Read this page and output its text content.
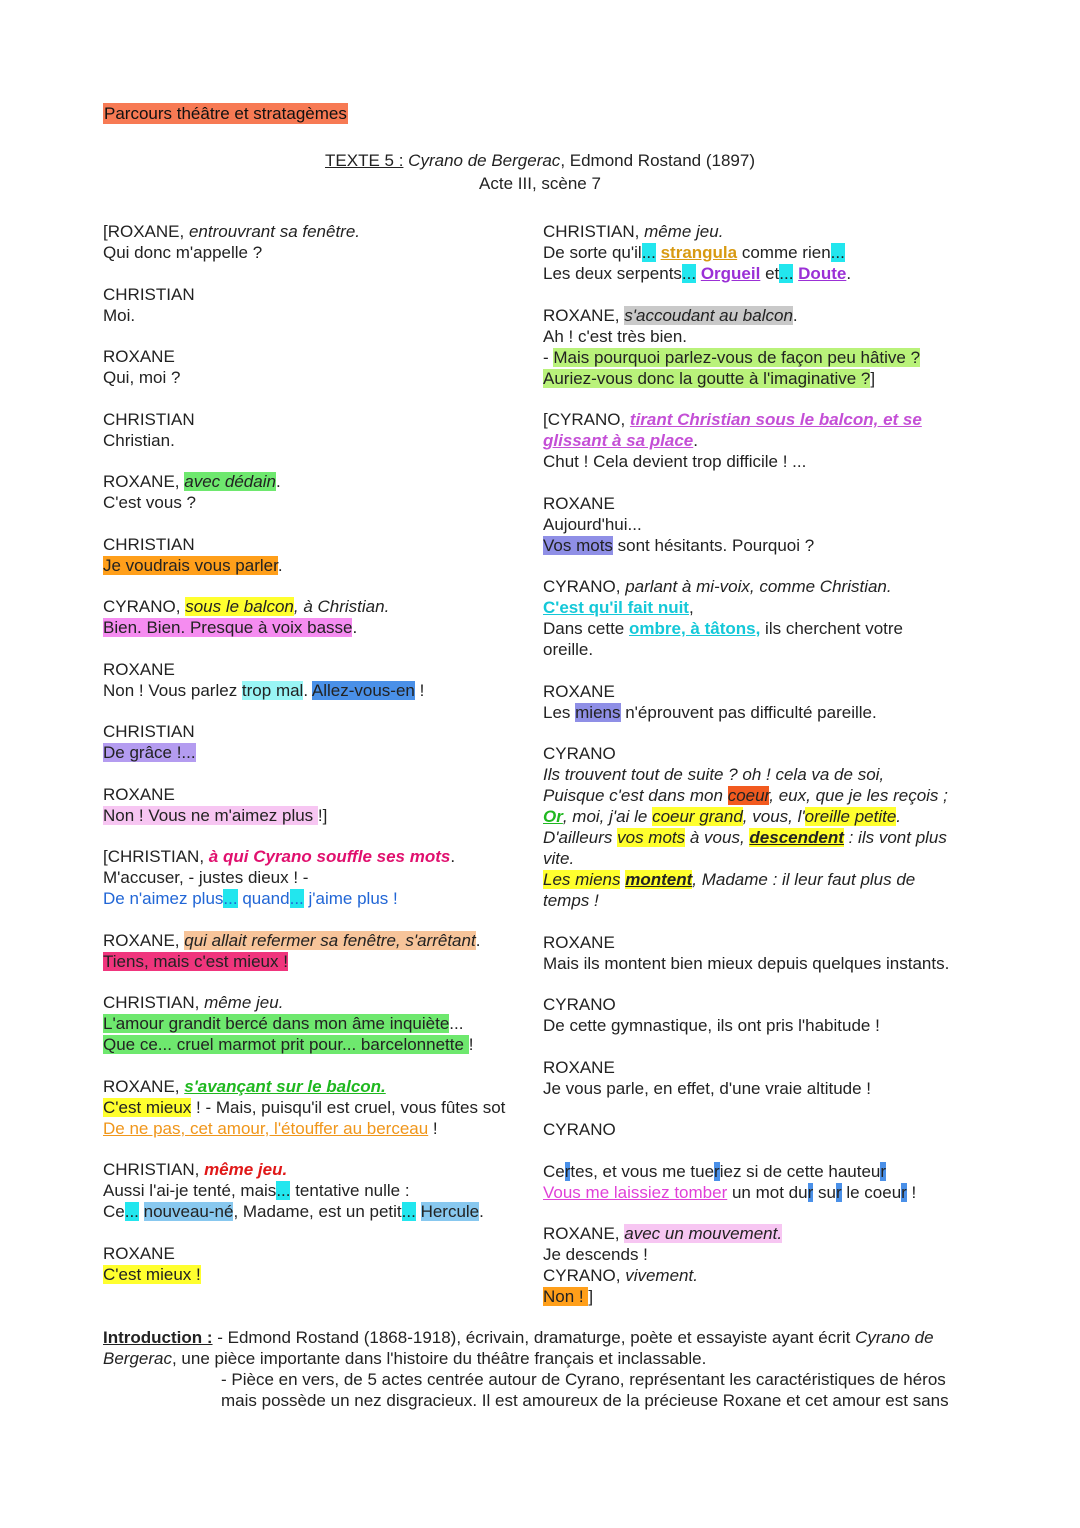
Parcours théâtre et stratagèmes
TEXTE 5 : Cyrano de Bergerac, Edmond Rostand (1897)
Acte III, scène 7
[ROXANE, entrouvrant sa fenêtre.
Qui donc m'appelle ?
CHRISTIAN
Moi.
ROXANE
Qui, moi ?
CHRISTIAN
Christian.
ROXANE, avec dédain.
C'est vous ?
CHRISTIAN
Je voudrais vous parler.
CYRANO, sous le balcon, à Christian.
Bien. Bien. Presque à voix basse.
ROXANE
Non ! Vous parlez trop mal. Allez-vous-en !
CHRISTIAN
De grâce !...
ROXANE
Non ! Vous ne m'aimez plus !]
[CHRISTIAN, à qui Cyrano souffle ses mots.
M'accuser, - justes dieux ! -
De n'aimez plus... quand... j'aime plus !
ROXANE, qui allait refermer sa fenêtre, s'arrêtant.
Tiens, mais c'est mieux !
CHRISTIAN, même jeu.
L'amour grandit bercé dans mon âme inquiète...
Que ce... cruel marmot prit pour... barcelonnette !
ROXANE, s'avançant sur le balcon.
C'est mieux ! - Mais, puisqu'il est cruel, vous fûtes sot
De ne pas, cet amour, l'étouffer au berceau !
CHRISTIAN, même jeu.
Aussi l'ai-je tenté, mais... tentative nulle :
Ce... nouveau-né, Madame, est un petit... Hercule.
ROXANE
C'est mieux !
CHRISTIAN, même jeu.
De sorte qu'il... strangula comme rien...
Les deux serpents... Orgueil et... Doute.
ROXANE, s'accoudant au balcon.
Ah ! c'est très bien.
- Mais pourquoi parlez-vous de façon peu hâtive ?
Auriez-vous donc la goutte à l'imaginative ?]
[CYRANO, tirant Christian sous le balcon, et se
glissant à sa place.
Chut ! Cela devient trop difficile ! ...
ROXANE
Aujourd'hui...
Vos mots sont hésitants. Pourquoi ?
CYRANO, parlant à mi-voix, comme Christian.
C'est qu'il fait nuit,
Dans cette ombre, à tâtons, ils cherchent votre
oreille.
ROXANE
Les miens n'éprouvent pas difficulté pareille.
CYRANO
Ils trouvent tout de suite ? oh ! cela va de soi,
Puisque c'est dans mon coeur, eux, que je les reçois ;
Or, moi, j'ai le coeur grand, vous, l'oreille petite.
D'ailleurs vos mots à vous, descendent : ils vont plus
vite.
Les miens montent, Madame : il leur faut plus de
temps !
ROXANE
Mais ils montent bien mieux depuis quelques instants.
CYRANO
De cette gymnastique, ils ont pris l'habitude !
ROXANE
Je vous parle, en effet, d'une vraie altitude !
CYRANO
Certes, et vous me tueriez si de cette hauteur
Vous me laissiez tomber un mot dur sur le coeur !
ROXANE, avec un mouvement.
Je descends !
CYRANO, vivement.
Non ! ]
Introduction : - Edmond Rostand (1868-1918), écrivain, dramaturge, poète et essayiste ayant écrit Cyrano de Bergerac, une pièce importante dans l'histoire du théâtre français et inclassable.
- Pièce en vers, de 5 actes centrée autour de Cyrano, représentant les caractéristiques de héros mais possède un nez disgracieux. Il est amoureux de la précieuse Roxane et cet amour est sans
